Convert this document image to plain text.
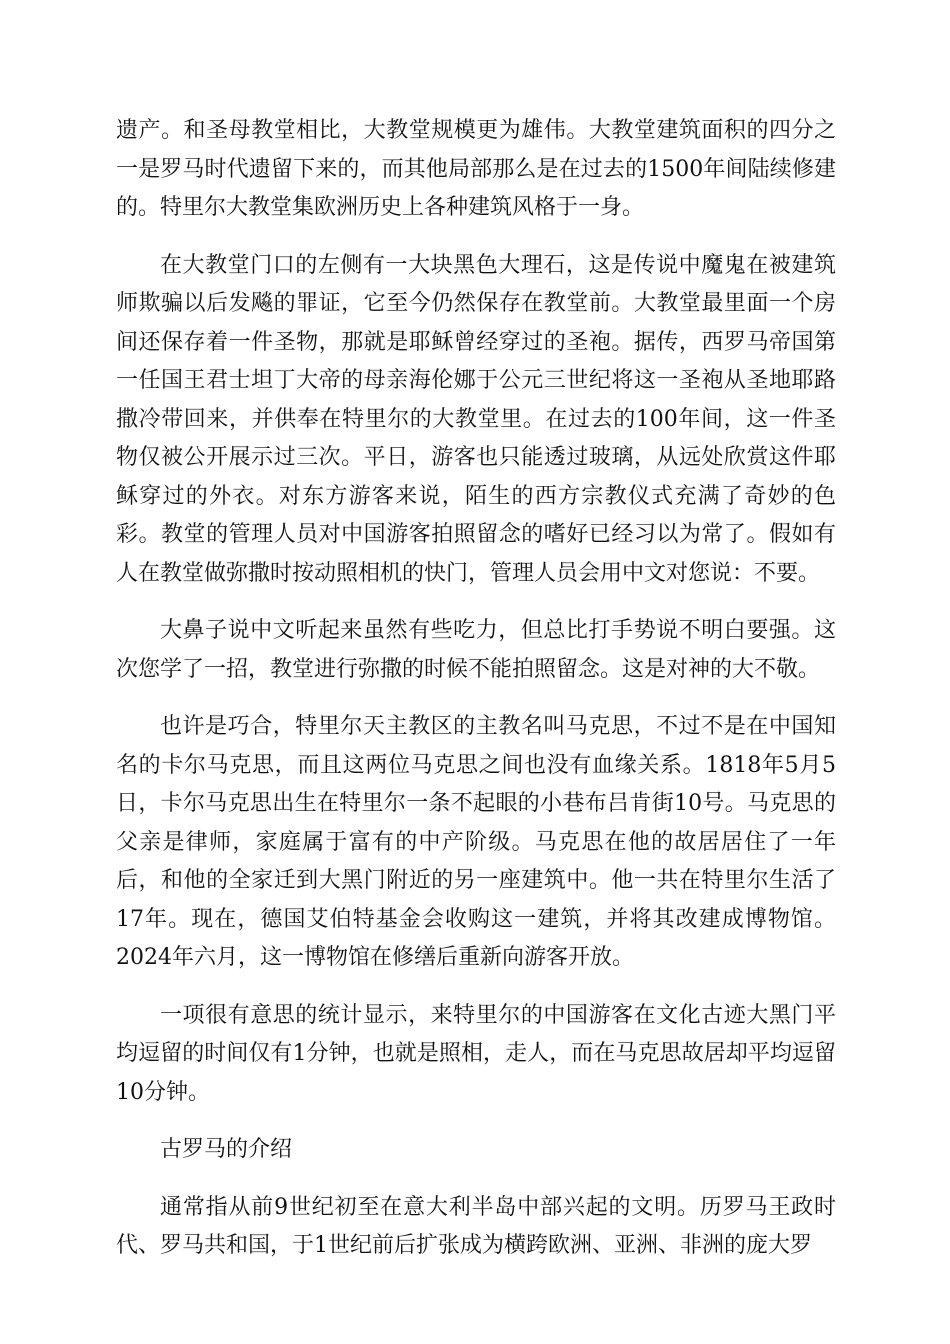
遗产。和圣母教堂相比，大教堂规模更为雄伟。大教堂建筑面积的四分之一是罗马时代遗留下来的，而其他局部那么是在过去的1500年间陆续修建的。特里尔大教堂集欧洲历史上各种建筑风格于一身。

在大教堂门口的左侧有一大块黑色大理石，这是传说中魔鬼在被建筑师欺骗以后发飚的罪证，它至今仍然保存在教堂前。大教堂最里面一个房间还保存着一件圣物，那就是耶稣曾经穿过的圣袍。据传，西罗马帝国第一任国王君士坦丁大帝的母亲海伦娜于公元三世纪将这一圣袍从圣地耶路撒冷带回来，并供奉在特里尔的大教堂里。在过去的100年间，这一件圣物仅被公开展示过三次。平日，游客也只能透过玻璃，从远处欣赏这件耶稣穿过的外衣。对东方游客来说，陌生的西方宗教仪式充满了奇妙的色彩。教堂的管理人员对中国游客拍照留念的嗜好已经习以为常了。假如有人在教堂做弥撒时按动照相机的快门，管理人员会用中文对您说：不要。

大鼻子说中文听起来虽然有些吃力，但总比打手势说不明白要强。这次您学了一招，教堂进行弥撒的时候不能拍照留念。这是对神的大不敬。

也许是巧合，特里尔天主教区的主教名叫马克思，不过不是在中国知名的卡尔马克思，而且这两位马克思之间也没有血缘关系。1818年5月5日，卡尔马克思出生在特里尔一条不起眼的小巷布吕肯街10号。马克思的父亲是律师，家庭属于富有的中产阶级。马克思在他的故居居住了一年后，和他的全家迁到大黑门附近的另一座建筑中。他一共在特里尔生活了17年。现在，德国艾伯特基金会收购这一建筑，并将其改建成博物馆。2024年六月，这一博物馆在修缮后重新向游客开放。

一项很有意思的统计显示，来特里尔的中国游客在文化古迹大黑门平均逗留的时间仅有1分钟，也就是照相，走人，而在马克思故居却平均逗留10分钟。

古罗马的介绍

通常指从前9世纪初至在意大利半岛中部兴起的文明。历罗马王政时代、罗马共和国，于1世纪前后扩张成为横跨欧洲、亚洲、非洲的庞大罗
